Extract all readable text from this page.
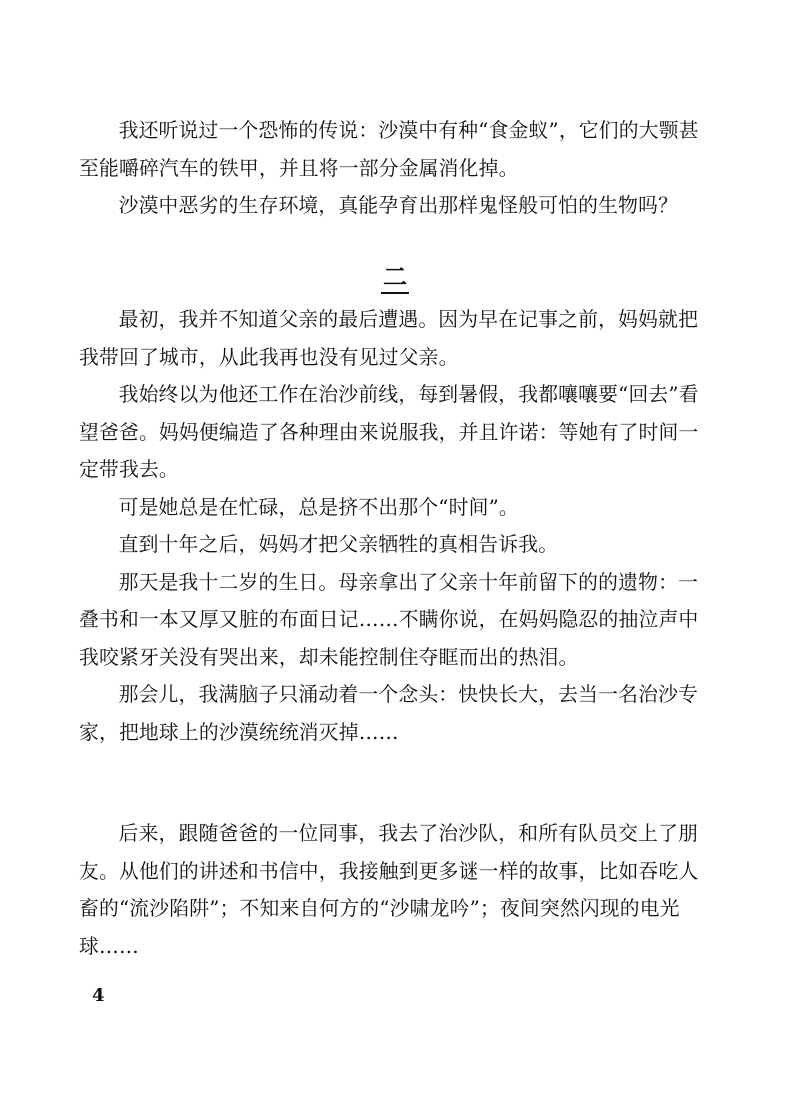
我还听说过一个恐怖的传说：沙漠中有种“食金蚁”，它们的大颚甚至能嚼碎汽车的铁甲，并且将一部分金属消化掉。

沙漠中恶劣的生存环境，真能孕育出那样鬼怪般可怕的生物吗？

二

最初，我并不知道父亲的最后遭遇。因为早在记事之前，妈妈就把我带回了城市，从此我再也没有见过父亲。

我始终以为他还工作在治沙前线，每到暑假，我都嚷嚷要“回去”看望爸爸。妈妈便编造了各种理由来说服我，并且许诺：等她有了时间一定带我去。

可是她总是在忙碌，总是挤不出那个“时间”。

直到十年之后，妈妈才把父亲牺牲的真相告诉我。

那天是我十二岁的生日。母亲拿出了父亲十年前留下的的遗物：一叠书和一本又厚又脏的布面日记……不瞒你说，在妈妈隐忍的抽泣声中我咬紧牙关没有哭出来，却未能控制住夺眶而出的热泪。

那会儿，我满脑子只涌动着一个念头：快快长大，去当一名治沙专家，把地球上的沙漠统统消灭掉……

后来，跟随爸爸的一位同事，我去了治沙队，和所有队员交上了朋友。从他们的讲述和书信中，我接触到更多谜一样的故事，比如吞吃人畜的“流沙陷阱”；不知来自何方的“沙啸龙吟”；夜间突然闪现的电光球……

4
